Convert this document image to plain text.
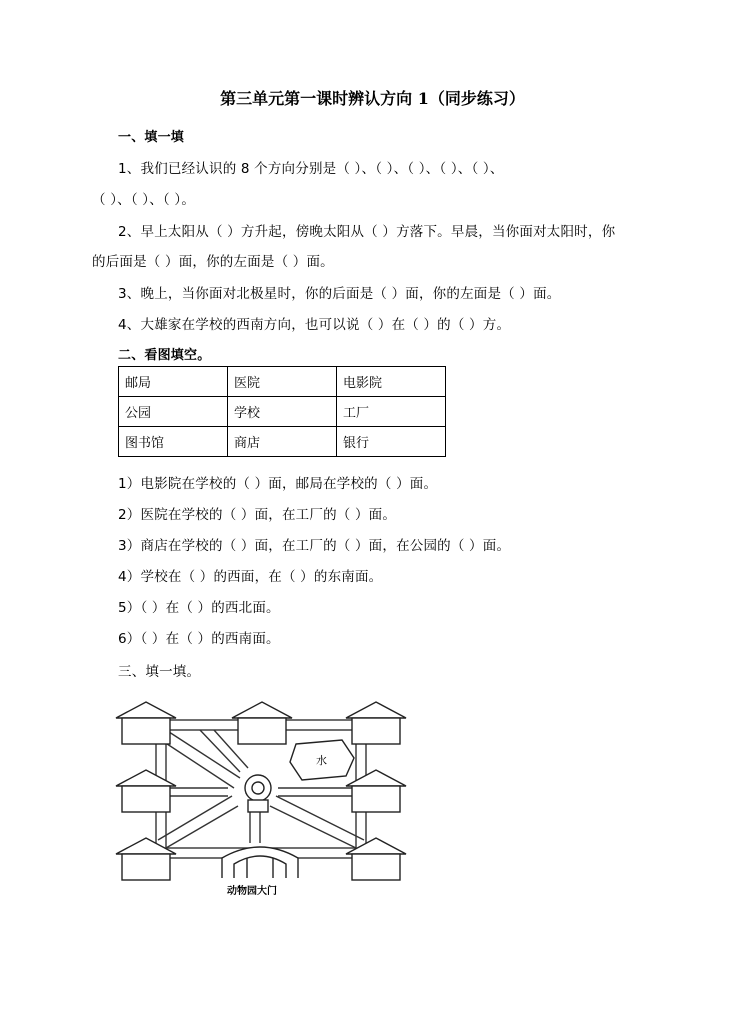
第三单元第一课时辨认方向 1（同步练习）
一、填一填
1、我们已经认识的 8 个方向分别是（ ）、（ ）、（ ）、（ ）、（ ）、
（ ）、（ ）、（ ）。
2、早上太阳从（ ）方升起，傍晚太阳从（ ）方落下。早晨，当你面对太阳时，你
的后面是（ ）面，你的左面是（ ）面。
3、晚上，当你面对北极星时，你的后面是（ ）面，你的左面是（ ）面。
4、大雄家在学校的西南方向，也可以说（ ）在（ ）的（ ）方。
二、看图填空。
邮局	医院	电影院
公园	学校	工厂
图书馆	商店	银行
1）电影院在学校的（ ）面，邮局在学校的（ ）面。
2）医院在学校的（ ）面，在工厂的（ ）面。
3）商店在学校的（ ）面，在工厂的（ ）面，在公园的（ ）面。
4）学校在（ ）的西面，在（ ）的东南面。
5）（ ）在（ ）的西北面。
6）（ ）在（ ）的西南面。
三、填一填。
水
动物园大门
